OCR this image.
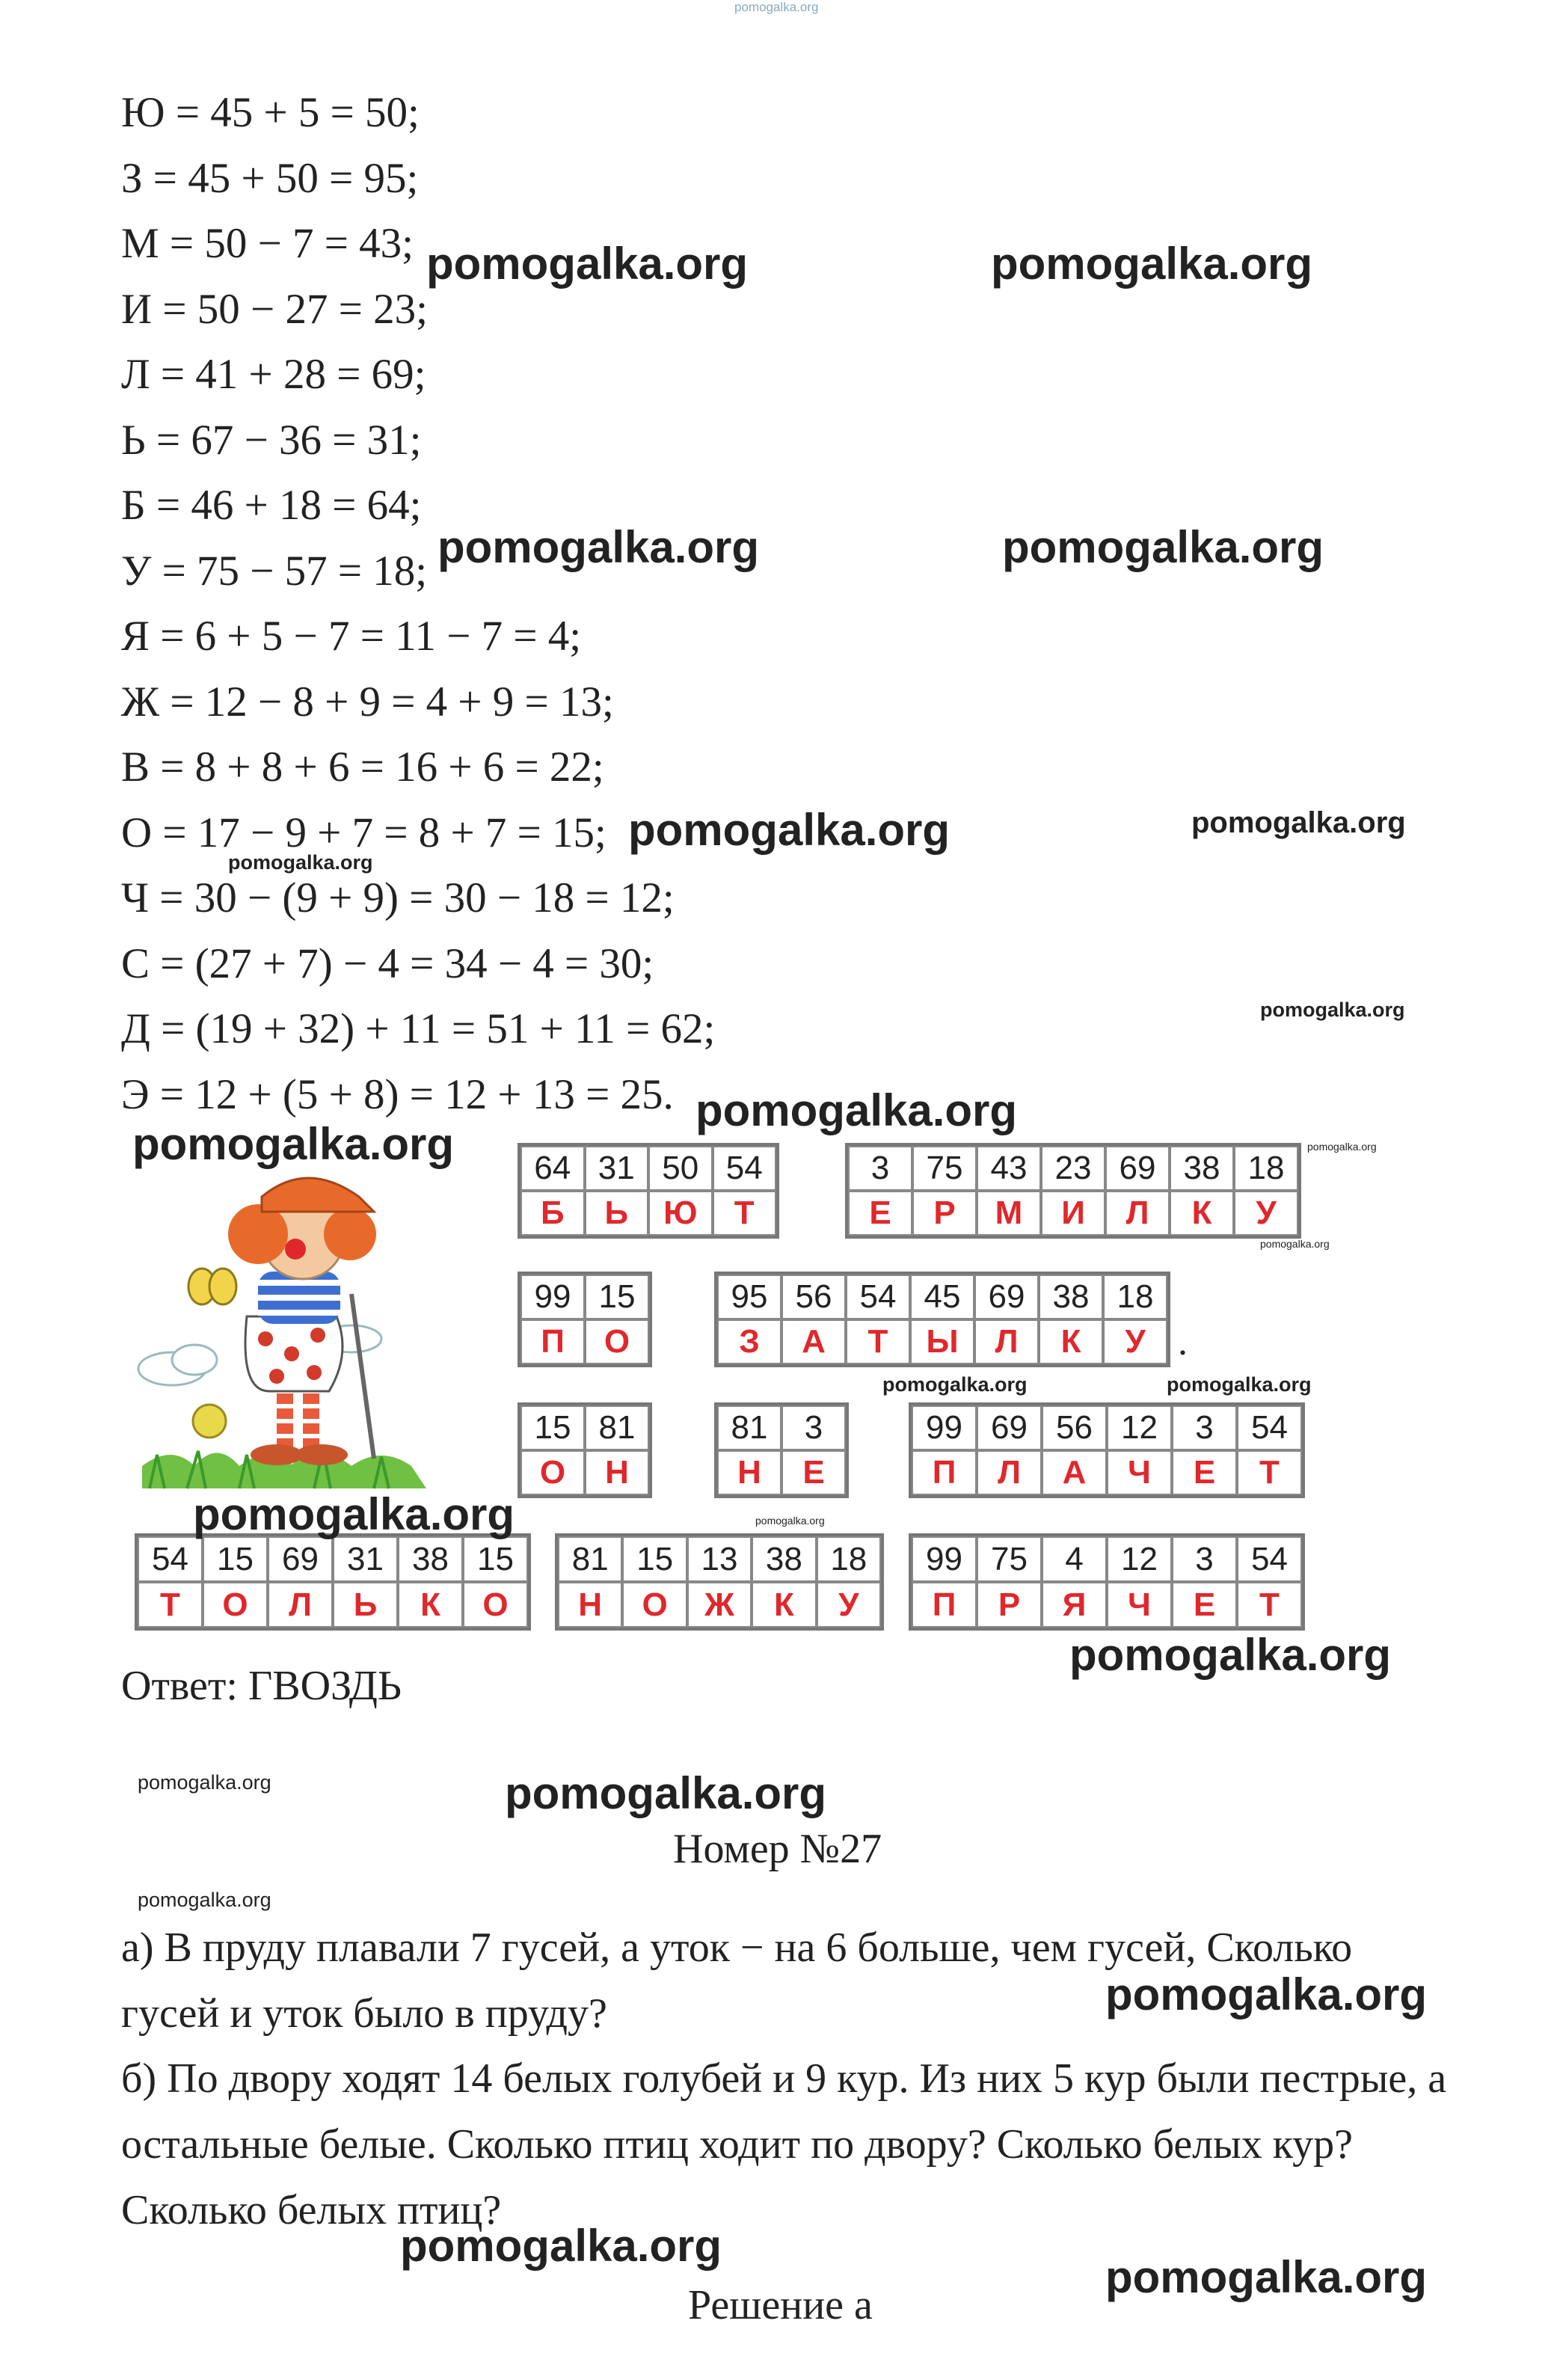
pomogalka.org
Ю = 45 + 5 = 50;
З = 45 + 50 = 95;
М = 50 − 7 = 43;
И = 50 − 27 = 23;
Л = 41 + 28 = 69;
Ь = 67 − 36 = 31;
Б = 46 + 18 = 64;
У = 75 − 57 = 18;
Я = 6 + 5 − 7 = 11 − 7 = 4;
Ж = 12 − 8 + 9 = 4 + 9 = 13;
В = 8 + 8 + 6 = 16 + 6 = 22;
О = 17 − 9 + 7 = 8 + 7 = 15;
Ч = 30 − (9 + 9) = 30 − 18 = 12;
С = (27 + 7) − 4 = 34 − 4 = 30;
Д = (19 + 32) + 11 = 51 + 11 = 62;
Э = 12 + (5 + 8) = 12 + 13 = 25.
64 31 50 54
Б	Ь	Ю	Т
3	75 43 23 69 38 18
Е	Р	М	И	Л	К	У
99 15
П	О
95 56 54 45 69 38 18
З	А	Т	Ы	Л	К	У .
15 81
О	Н
81	3
Н	Е
99 69 56 12	3	54
П	Л	А	Ч	Е	Т
54 15 69 31 38 15
Т	О	Л	Ь	К	О
81 15 13 38 18
Н	О	Ж	К	У
99 75	4	12	3	54
П	Р	Я	Ч	Е	Т
Ответ: ГВОЗДЬ
Номер №27
а) В пруду плавали 7 гусей, а уток − на 6 больше, чем гусей, Сколько гусей и уток было в пруду?
б) По двору ходят 14 белых голубей и 9 кур. Из них 5 кур были пестрые, а остальные белые. Сколько птиц ходит по двору? Сколько белых кур? Сколько белых птиц?
Решение а
pomogalka.org	pomogalka.org
pomogalka.org	pomogalka.org
pomogalka.org	pomogalka.org
pomogalka.org
pomogalka.org
pomogalka.org
pomogalka.org	pomogalka.org
pomogalka.org
pomogalka.org	pomogalka.org
pomogalka.org
pomogalka.org
pomogalka.org
pomogalka.org	pomogalka.org
pomogalka.org
pomogalka.org
pomogalka.org
pomogalka.org
